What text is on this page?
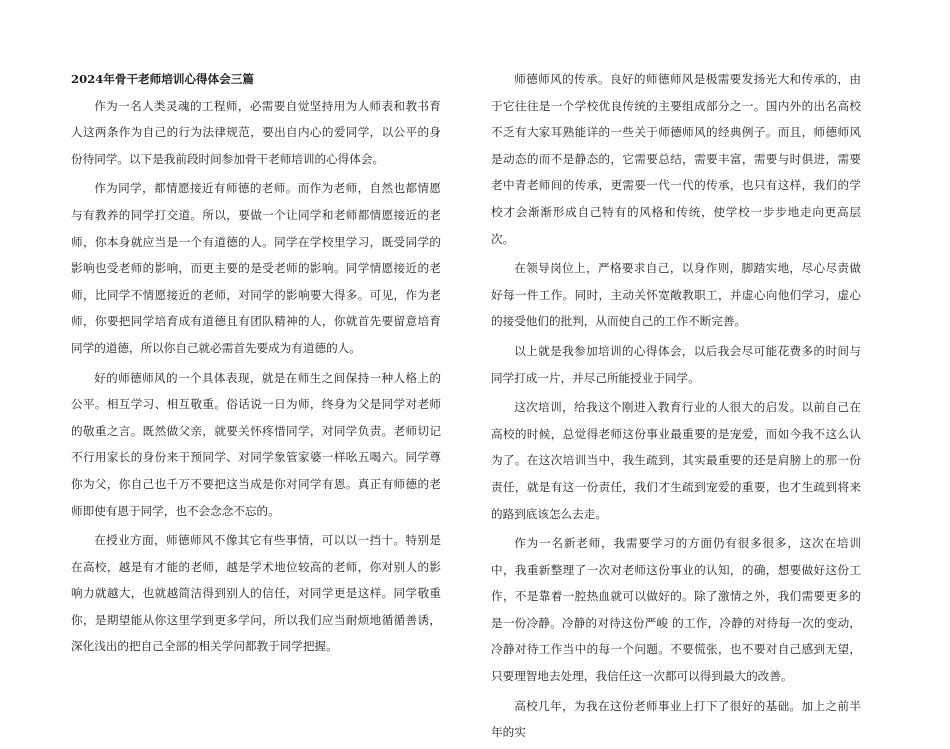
2024年骨干老师培训心得体会三篇

作为一名人类灵魂的工程师，必需要自觉坚持用为人师表和教书育人这两条作为自己的行为法律规范，要出自内心的爱同学，以公平的身份待同学。以下是我前段时间参加骨干老师培训的心得体会。

作为同学，都情愿接近有师德的老师。而作为老师，自然也都情愿与有教养的同学打交道。所以，要做一个让同学和老师都情愿接近的老师，你本身就应当是一个有道德的人。同学在学校里学习，既受同学的影响也受老师的影响，而更主要的是受老师的影响。同学情愿接近的老师，比同学不情愿接近的老师，对同学的影响要大得多。可见，作为老师，你要把同学培育成有道德且有团队精神的人，你就首先要留意培育同学的道德，所以你自己就必需首先要成为有道德的人。

好的师德师风的一个具体表现，就是在师生之间保持一种人格上的公平。相互学习、相互敬重。俗话说一日为师，终身为父是同学对老师的敬重之言。既然做父亲，就要关怀疼惜同学，对同学负责。老师切记不行用家长的身份来干预同学、对同学象管家婆一样吆五喝六。同学尊你为父，你自己也千万不要把这当成是你对同学有恩。真正有师德的老师即使有恩于同学，也不会念念不忘的。

在授业方面，师德师风不像其它有些事情，可以以一挡十。特别是在高校，越是有才能的老师，越是学术地位较高的老师，你对别人的影响力就越大，也就越简洁得到别人的信任，对同学更是这样。同学敬重你，是期望能从你这里学到更多学问，所以我们应当耐烦地循循善诱，深化浅出的把自己全部的相关学问都教于同学把握。

师德师风的传承。良好的师德师风是极需要发扬光大和传承的，由于它往往是一个学校优良传统的主要组成部分之一。国内外的出名高校不乏有大家耳熟能详的一些关于师德师风的经典例子。而且，师德师风是动态的而不是静态的，它需要总结，需要丰富，需要与时俱进，需要老中青老师间的传承，更需要一代一代的传承，也只有这样，我们的学校才会渐渐形成自己特有的风格和传统，使学校一步步地走向更高层次。

在领导岗位上，严格要求自己，以身作则，脚踏实地，尽心尽责做好每一件工作。同时，主动关怀宽敞教职工，并虚心向他们学习，虚心的接受他们的批判，从而使自己的工作不断完善。

以上就是我参加培训的心得体会，以后我会尽可能花费多的时间与同学打成一片，并尽己所能授业于同学。

这次培训，给我这个刚进入教育行业的人很大的启发。以前自己在高校的时候，总觉得老师这份事业最重要的是宠爱，而如今我不这么认为了。在这次培训当中，我生疏到，其实最重要的还是肩膀上的那一份责任，就是有这一份责任，我们才生疏到宠爱的重要，也才生疏到将来的路到底该怎么去走。

作为一名新老师，我需要学习的方面仍有很多很多，这次在培训中，我重新整理了一次对老师这份事业的认知，的确，想要做好这份工作，不是靠着一腔热血就可以做好的。除了激情之外，我们需要更多的是一份冷静。冷静的对待这份严峻 的工作，冷静的对待每一次的变动，冷静对待工作当中的每一个问题。不要慌张，也不要对自己感到无望，只要理智地去处理，我信任这一次都可以得到最大的改善。

高校几年，为我在这份老师事业上打下了很好的基础。加上之前半年的实
